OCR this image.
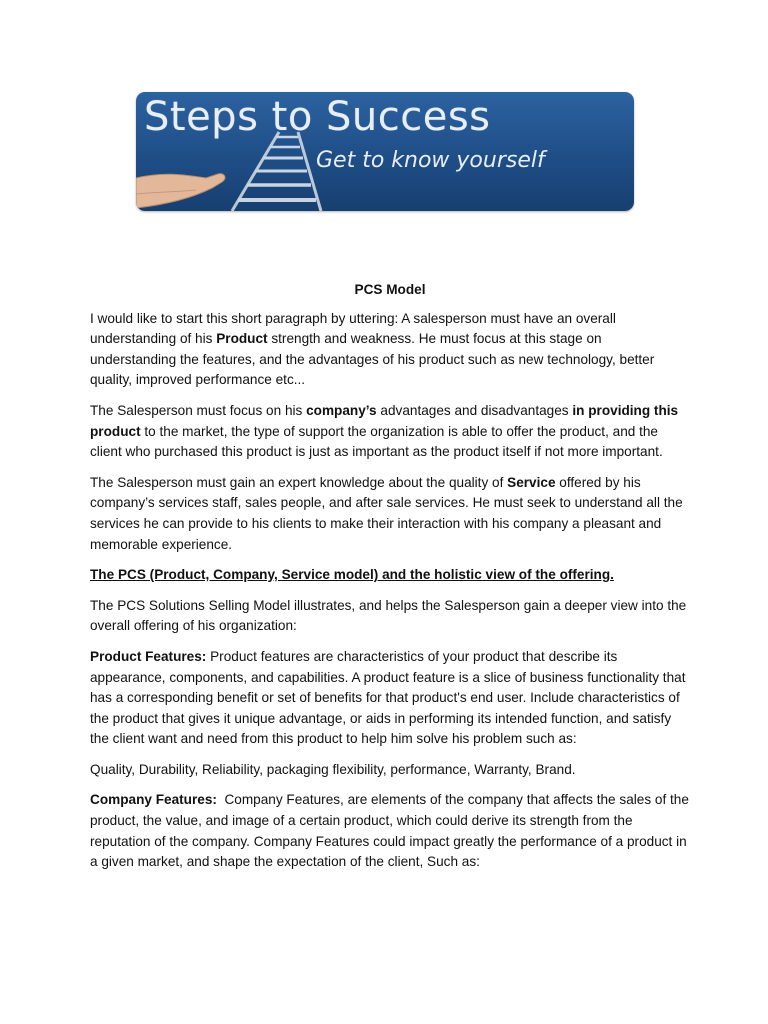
Steps to Success
Get to know yourself
PCS Model

I would like to start this short paragraph by uttering: A salesperson must have an overall understanding of his Product strength and weakness. He must focus at this stage on understanding the features, and the advantages of his product such as new technology, better quality, improved performance etc...

The Salesperson must focus on his company’s advantages and disadvantages in providing this product to the market, the type of support the organization is able to offer the product, and the client who purchased this product is just as important as the product itself if not more important.

The Salesperson must gain an expert knowledge about the quality of Service offered by his company’s services staff, sales people, and after sale services. He must seek to understand all the services he can provide to his clients to make their interaction with his company a pleasant and memorable experience.

The PCS (Product, Company, Service model) and the holistic view of the offering.

The PCS Solutions Selling Model illustrates, and helps the Salesperson gain a deeper view into the overall offering of his organization:

Product Features: Product features are characteristics of your product that describe its appearance, components, and capabilities. A product feature is a slice of business functionality that has a corresponding benefit or set of benefits for that product's end user. Include characteristics of the product that gives it unique advantage, or aids in performing its intended function, and satisfy the client want and need from this product to help him solve his problem such as:

Quality, Durability, Reliability, packaging flexibility, performance, Warranty, Brand.

Company Features:  Company Features, are elements of the company that affects the sales of the product, the value, and image of a certain product, which could derive its strength from the reputation of the company. Company Features could impact greatly the performance of a product in a given market, and shape the expectation of the client, Such as:
